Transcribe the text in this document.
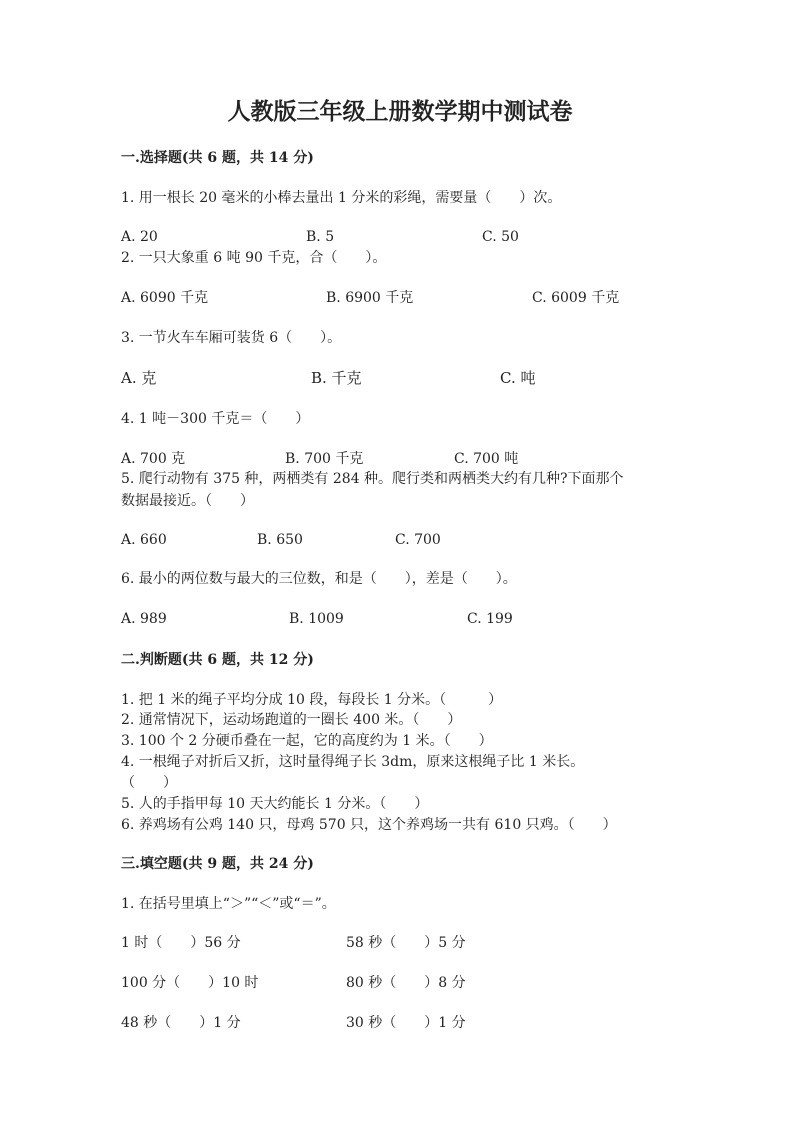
人教版三年级上册数学期中测试卷
一.选择题(共 6 题，共 14 分)
1. 用一根长 20 毫米的小棒去量出 1 分米的彩绳，需要量（　　）次。
A. 20	B. 5	C. 50
2. 一只大象重 6 吨 90 千克，合（　　）。
A. 6090 千克	B. 6900 千克	C. 6009 千克
3. 一节火车车厢可装货 6（　　）。
A. 克	B. 千克	C. 吨
4. 1 吨－300 千克＝（　　）
A. 700 克	B. 700 千克	C. 700 吨
5. 爬行动物有 375 种，两栖类有 284 种。爬行类和两栖类大约有几种?下面那个
数据最接近。（　　）
A. 660	B. 650	C. 700
6. 最小的两位数与最大的三位数，和是（　　），差是（　　）。
A. 989	B. 1009	C. 199
二.判断题(共 6 题，共 12 分)
1. 把 1 米的绳子平均分成 10 段，每段长 1 分米。（　　　）
2. 通常情况下，运动场跑道的一圈长 400 米。（　　）
3. 100 个 2 分硬币叠在一起，它的高度约为 1 米。（　　）
4. 一根绳子对折后又折，这时量得绳子长 3dm，原来这根绳子比 1 米长。
（　　）
5. 人的手指甲每 10 天大约能长 1 分米。（　　）
6. 养鸡场有公鸡 140 只，母鸡 570 只，这个养鸡场一共有 610 只鸡。（　　）
三.填空题(共 9 题，共 24 分)
1. 在括号里填上“＞”“＜”或“＝”。
1 时（　　）56 分	58 秒（　　）5 分
100 分（　　）10 时	80 秒（　　）8 分
48 秒（　　）1 分	30 秒（　　）1 分
